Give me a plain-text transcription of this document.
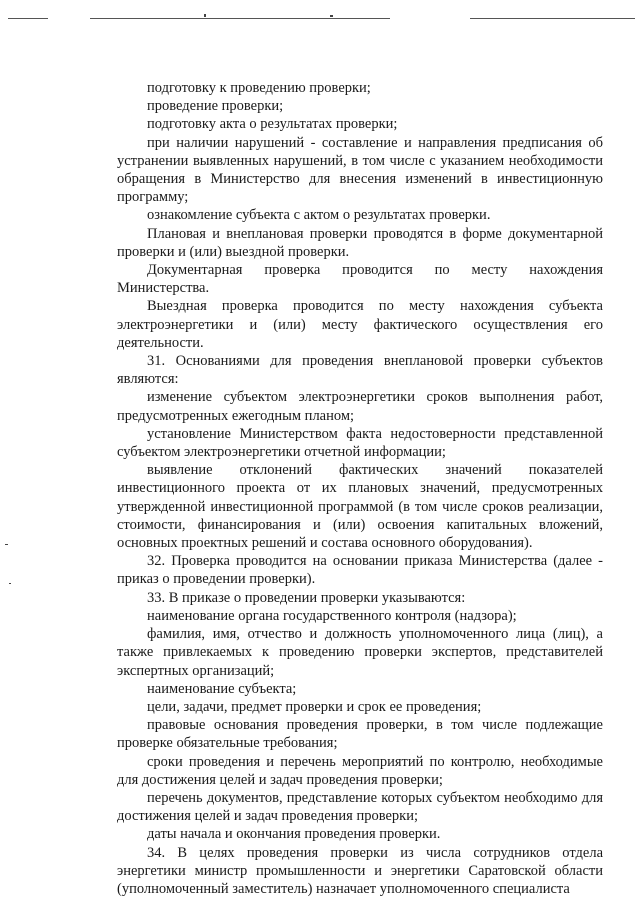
подготовку к проведению проверки;

проведение проверки;

подготовку акта о результатах проверки;

при наличии нарушений - составление и направления предписания об устранении выявленных нарушений, в том числе с указанием необходимости обращения в Министерство для внесения изменений в инвестиционную программу;

ознакомление субъекта с актом о результатах проверки.

Плановая и внеплановая проверки проводятся в форме документарной проверки и (или) выездной проверки.

Документарная проверка проводится по месту нахождения Министерства.

Выездная проверка проводится по месту нахождения субъекта электроэнергетики и (или) месту фактического осуществления его деятельности.

31. Основаниями для проведения внеплановой проверки субъектов являются:

изменение субъектом электроэнергетики сроков выполнения работ, предусмотренных ежегодным планом;

установление Министерством факта недостоверности представленной субъектом электроэнергетики отчетной информации;

выявление отклонений фактических значений показателей инвестиционного проекта от их плановых значений, предусмотренных утвержденной инвестиционной программой (в том числе сроков реализации, стоимости, финансирования и (или) освоения капитальных вложений, основных проектных решений и состава основного оборудования).

32. Проверка проводится на основании приказа Министерства (далее - приказ о проведении проверки).

33. В приказе о проведении проверки указываются:

наименование органа государственного контроля (надзора);

фамилия, имя, отчество и должность уполномоченного лица (лиц), а также привлекаемых к проведению проверки экспертов, представителей экспертных организаций;

наименование субъекта;

цели, задачи, предмет проверки и срок ее проведения;

правовые основания проведения проверки, в том числе подлежащие проверке обязательные требования;

сроки проведения и перечень мероприятий по контролю, необходимые для достижения целей и задач проведения проверки;

перечень документов, представление которых субъектом необходимо для достижения целей и задач проведения проверки;

даты начала и окончания проведения проверки.

34. В целях проведения проверки из числа сотрудников отдела энергетики министр промышленности и энергетики Саратовской области (уполномоченный заместитель) назначает уполномоченного специалиста
